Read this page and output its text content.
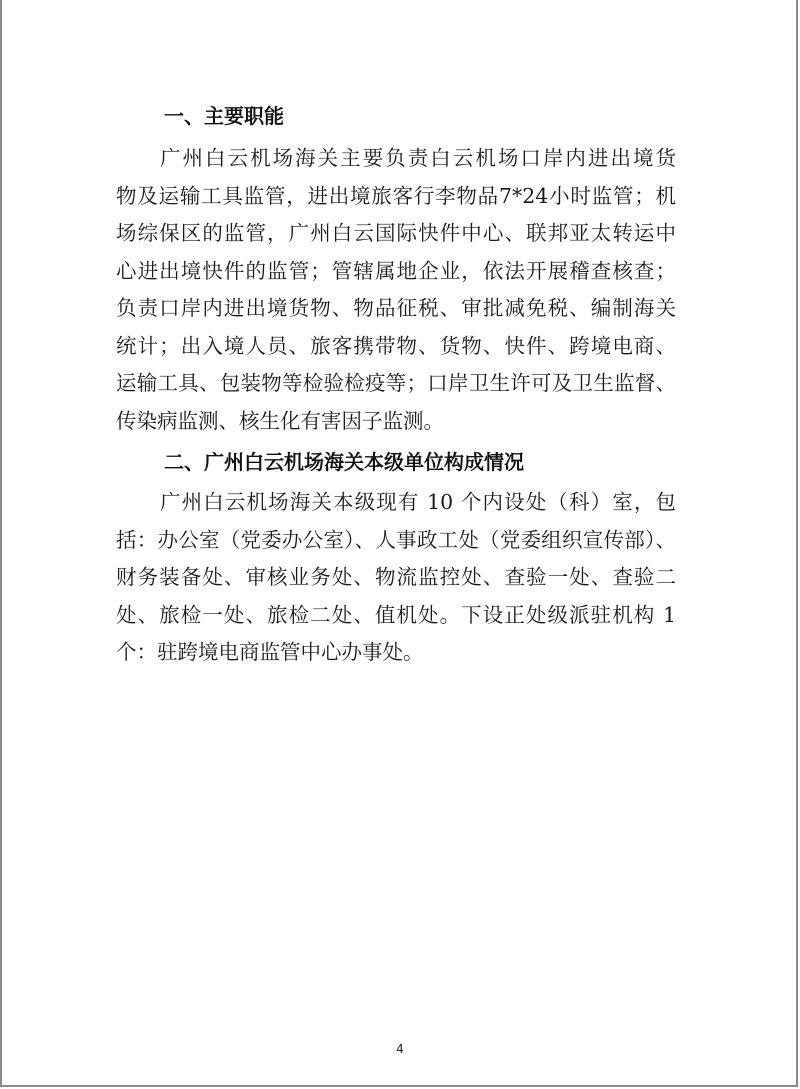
一、主要职能
广州白云机场海关主要负责白云机场口岸内进出境货
物及运输工具监管，进出境旅客行李物品7*24小时监管；机
场综保区的监管，广州白云国际快件中心、联邦亚太转运中
心进出境快件的监管；管辖属地企业，依法开展稽查核查；
负责口岸内进出境货物、物品征税、审批减免税、编制海关
统计；出入境人员、旅客携带物、货物、快件、跨境电商、
运输工具、包装物等检验检疫等；口岸卫生许可及卫生监督、
传染病监测、核生化有害因子监测。
二、广州白云机场海关本级单位构成情况
广州白云机场海关本级现有 10 个内设处（科）室，包
括：办公室（党委办公室）、人事政工处（党委组织宣传部）、
财务装备处、审核业务处、物流监控处、查验一处、查验二
处、旅检一处、旅检二处、值机处。下设正处级派驻机构 1
个：驻跨境电商监管中心办事处。
4
